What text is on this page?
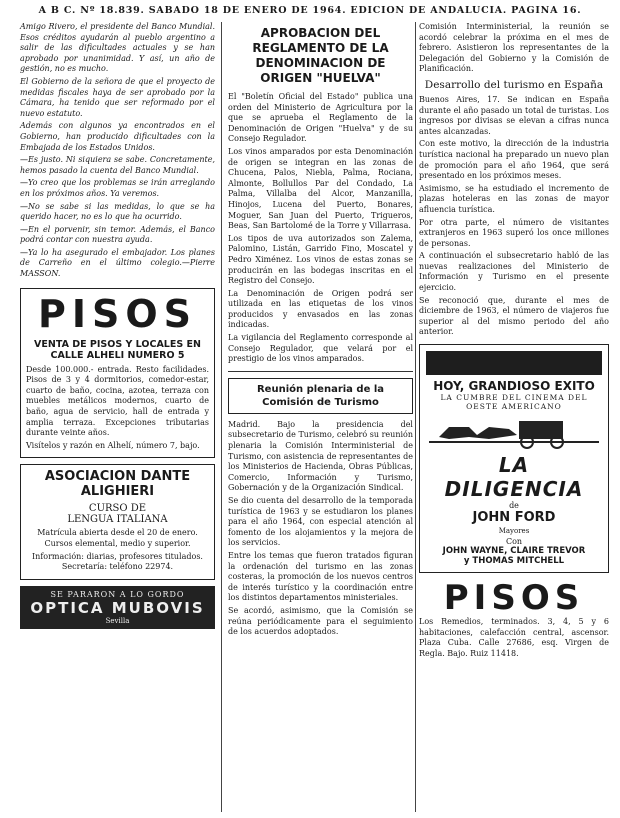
A B C. Nº 18.839. SABADO 18 DE ENERO DE 1964. EDICION DE ANDALUCIA. PAGINA 16.

Amigo Rivero, el presidente del Banco Mundial. Esos créditos ayudarán al pueblo argentino a salir de las dificultades actuales y se han aprobado por unanimidad. Y así, un año de gestión, no es mucho.

El Gobierno de la señora de que el proyecto de medidas fiscales haya de ser aprobado por la Cámara, ha tenido que ser reformado por el nuevo estatuto.

Además con algunos ya encontrados en el Gobierno, han producido dificultades con la Embajada de los Estados Unidos.

—Es justo. Ni siquiera se sabe. Concretamente, hemos pasado la cuenta del Banco Mundial.

—Yo creo que los problemas se irán arreglando en los próximos años. Ya veremos.

—No se sabe si las medidas, lo que se ha querido hacer, no es lo que ha ocurrido.

—En el porvenir, sin temor. Además, el Banco podrá contar con nuestra ayuda.

—Ya lo ha asegurado el embajador. Los planes de Carreño en el último colegio.—Pierre MASSON.

PISOS
VENTA DE PISOS Y LOCALES EN
CALLE ALHELI NUMERO 5

Desde 100.000.- entrada. Resto facilidades. Pisos de 3 y 4 dormitorios, comedor-estar, cuarto de baño, cocina, azotea, terraza con muebles metálicos modernos, cuarto de baño, agua de servicio, hall de entrada y amplia terraza. Excepciones tributarias durante veinte años.

Visítelos y razón en Alhelí, número 7, bajo.

ASOCIACION DANTE
ALIGHIERI
CURSO DE
LENGUA ITALIANA

Matrícula abierta desde el 20 de enero. Cursos elemental, medio y superior.

Información: diarias, profesores titulados. Secretaría: teléfono 22974.

SE PARARON A LO GORDO
OPTICA MUBOVIS
Sevilla
APROBACION DEL REGLAMENTO DE LA DENOMINACION DE ORIGEN "HUELVA"

El "Boletín Oficial del Estado" publica una orden del Ministerio de Agricultura por la que se aprueba el Reglamento de la Denominación de Origen "Huelva" y de su Consejo Regulador.

Los vinos amparados por esta Denominación de origen se integran en las zonas de Chucena, Palos, Niebla, Palma, Rociana, Almonte, Bollullos Par del Condado, La Palma, Villalba del Alcor, Manzanilla, Hinojos, Lucena del Puerto, Bonares, Moguer, San Juan del Puerto, Trigueros, Beas, San Bartolomé de la Torre y Villarrasa.

Los tipos de uva autorizados son Zalema, Palomino, Listán, Garrido Fino, Moscatel y Pedro Ximénez. Los vinos de estas zonas se producirán en las bodegas inscritas en el Registro del Consejo.

La Denominación de Origen podrá ser utilizada en las etiquetas de los vinos producidos y envasados en las zonas indicadas.

La vigilancia del Reglamento corresponde al Consejo Regulador, que velará por el prestigio de los vinos amparados.

Reunión plenaria de la Comisión de Turismo

Madrid. Bajo la presidencia del subsecretario de Turismo, celebró su reunión plenaria la Comisión Interministerial de Turismo, con asistencia de representantes de los Ministerios de Hacienda, Obras Públicas, Comercio, Información y Turismo, Gobernación y de la Organización Sindical.

Se dio cuenta del desarrollo de la temporada turística de 1963 y se estudiaron los planes para el año 1964, con especial atención al fomento de los alojamientos y la mejora de los servicios.

Entre los temas que fueron tratados figuran la ordenación del turismo en las zonas costeras, la promoción de los nuevos centros de interés turístico y la coordinación entre los distintos departamentos ministeriales.

Se acordó, asimismo, que la Comisión se reúna periódicamente para el seguimiento de los acuerdos adoptados.

Comisión Interministerial, la reunión se acordó celebrar la próxima en el mes de febrero. Asistieron los representantes de la Delegación del Gobierno y la Comisión de Planificación.

Desarrollo del turismo en España

Buenos Aires, 17. Se indican en España durante el año pasado un total de turistas. Los ingresos por divisas se elevan a cifras nunca antes alcanzadas.

Con este motivo, la dirección de la industria turística nacional ha preparado un nuevo plan de promoción para el año 1964, que será presentado en los próximos meses.

Asimismo, se ha estudiado el incremento de plazas hoteleras en las zonas de mayor afluencia turística.

Por otra parte, el número de visitantes extranjeros en 1963 superó los once millones de personas.

A continuación el subsecretario habló de las nuevas realizaciones del Ministerio de Información y Turismo en el presente ejercicio.

Se reconoció que, durante el mes de diciembre de 1963, el número de viajeros fue superior al del mismo periodo del año anterior.

HOY, GRANDIOSO EXITO
LA CUMBRE DEL CINEMA DEL
OESTE AMERICANO
LA DILIGENCIA
de
JOHN FORD
Mayores
Con
JOHN WAYNE, CLAIRE TREVOR
y THOMAS MITCHELL
PISOS

Los Remedios, terminados. 3, 4, 5 y 6 habitaciones, calefacción central, ascensor. Plaza Cuba. Calle 27686, esq. Virgen de Regla. Bajo. Ruiz 11418.
